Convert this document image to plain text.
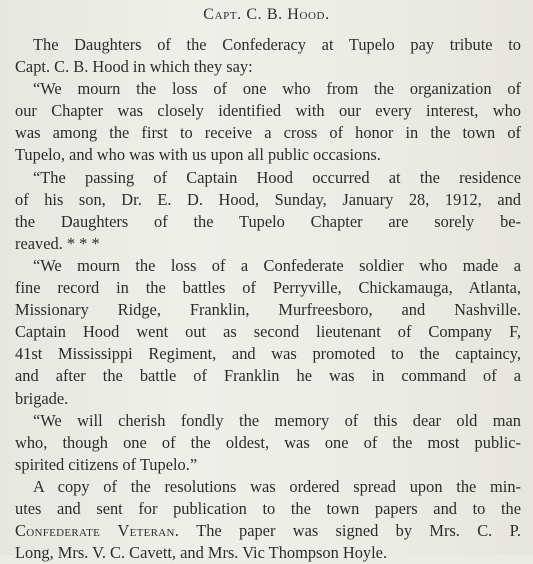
Capt. C. B. Hood.
The Daughters of the Confederacy at Tupelo pay tribute to
Capt. C. B. Hood in which they say:
“We mourn the loss of one who from the organization of
our Chapter was closely identified with our every interest, who
was among the first to receive a cross of honor in the town of
Tupelo, and who was with us upon all public occasions.
“The passing of Captain Hood occurred at the residence
of his son, Dr. E. D. Hood, Sunday, January 28, 1912, and
the Daughters of the Tupelo Chapter are sorely be-
reaved. * * *
“We mourn the loss of a Confederate soldier who made a
fine record in the battles of Perryville, Chickamauga, Atlanta,
Missionary Ridge, Franklin, Murfreesboro, and Nashville.
Captain Hood went out as second lieutenant of Company F,
41st Mississippi Regiment, and was promoted to the captaincy,
and after the battle of Franklin he was in command of a
brigade.
“We will cherish fondly the memory of this dear old man
who, though one of the oldest, was one of the most public-
spirited citizens of Tupelo.”
A copy of the resolutions was ordered spread upon the min-
utes and sent for publication to the town papers and to the
Confederate Veteran. The paper was signed by Mrs. C. P.
Long, Mrs. V. C. Cavett, and Mrs. Vic Thompson Hoyle.
